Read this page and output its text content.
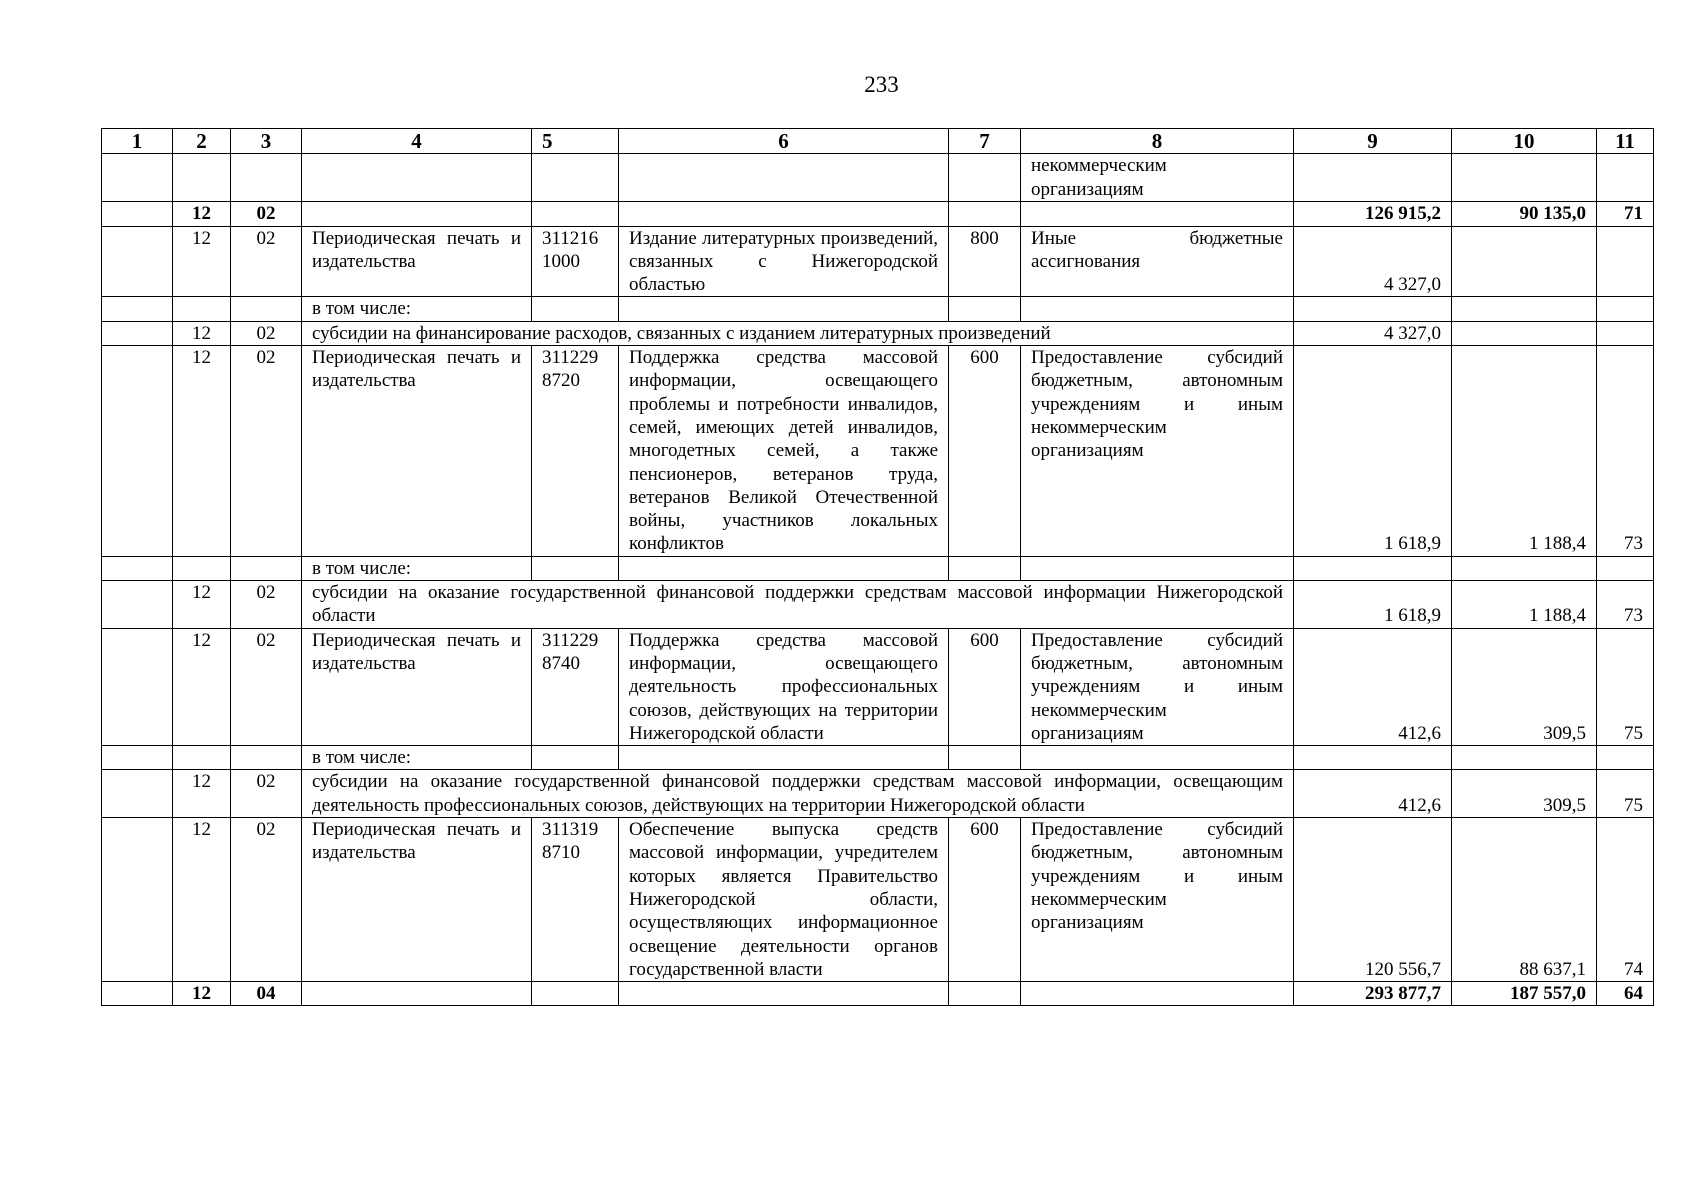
233
1	2	3	4	5	6	7	8	9	10	11
							некоммерческим организациям			
	12	02						126 915,2	90 135,0	71
	12	02	Периодическая печать и издательства	311216 1000	Издание литературных произведений, связанных с Нижегородской областью	800	Иные бюджетные ассигнования	4 327,0		
			в том числе:							
	12	02	субсидии на финансирование расходов, связанных с изданием литературных произведений					4 327,0		
	12	02	Периодическая печать и издательства	311229 8720	Поддержка средства массовой информации, освещающего проблемы и потребности инвалидов, семей, имеющих детей инвалидов, многодетных семей, а также пенсионеров, ветеранов труда, ветеранов Великой Отечественной войны, участников локальных конфликтов	600	Предоставление субсидий бюджетным, автономным учреждениям и иным некоммерческим организациям	1 618,9	1 188,4	73
			в том числе:							
	12	02	субсидии на оказание государственной финансовой поддержки средствам массовой информации Нижегородской области					1 618,9	1 188,4	73
	12	02	Периодическая печать и издательства	311229 8740	Поддержка средства массовой информации, освещающего деятельность профессиональных союзов, действующих на территории Нижегородской области	600	Предоставление субсидий бюджетным, автономным учреждениям и иным некоммерческим организациям	412,6	309,5	75
			в том числе:							
	12	02	субсидии на оказание государственной финансовой поддержки средствам массовой информации, освещающим деятельность профессиональных союзов, действующих на территории Нижегородской области					412,6	309,5	75
	12	02	Периодическая печать и издательства	311319 8710	Обеспечение выпуска средств массовой информации, учредителем которых является Правительство Нижегородской области, осуществляющих информационное освещение деятельности органов государственной власти	600	Предоставление субсидий бюджетным, автономным учреждениям и иным некоммерческим организациям	120 556,7	88 637,1	74
	12	04						293 877,7	187 557,0	64
